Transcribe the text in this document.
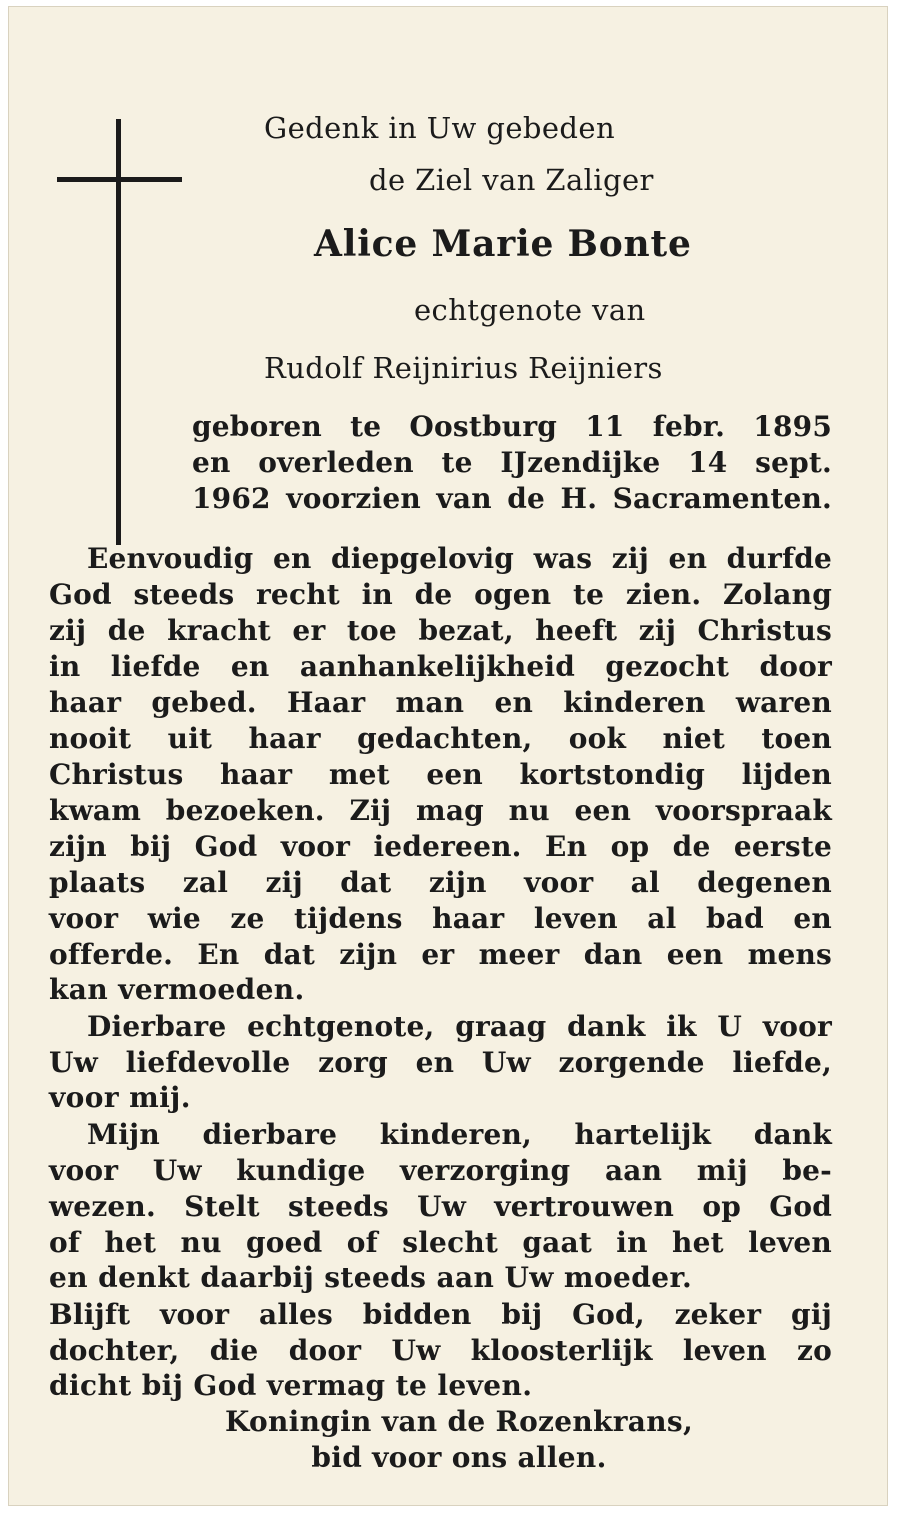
Gedenk in Uw gebeden
de Ziel van Zaliger
Alice Marie Bonte
echtgenote van
Rudolf Reijnirius Reijniers
geboren te Oostburg 11 febr. 1895
en overleden te IJzendijke 14 sept.
1962 voorzien van de H. Sacramenten.
Eenvoudig en diepgelovig was zij en durfde
God steeds recht in de ogen te zien. Zolang
zij de kracht er toe bezat, heeft zij Christus
in liefde en aanhankelijkheid gezocht door
haar gebed. Haar man en kinderen waren
nooit uit haar gedachten, ook niet toen
Christus haar met een kortstondig lijden
kwam bezoeken. Zij mag nu een voorspraak
zijn bij God voor iedereen. En op de eerste
plaats zal zij dat zijn voor al degenen
voor wie ze tijdens haar leven al bad en
offerde. En dat zijn er meer dan een mens
kan vermoeden.
Dierbare echtgenote, graag dank ik U voor
Uw liefdevolle zorg en Uw zorgende liefde,
voor mij.
Mijn dierbare kinderen, hartelijk dank
voor Uw kundige verzorging aan mij be-
wezen. Stelt steeds Uw vertrouwen op God
of het nu goed of slecht gaat in het leven
en denkt daarbij steeds aan Uw moeder.
Blijft voor alles bidden bij God, zeker gij
dochter, die door Uw kloosterlijk leven zo
dicht bij God vermag te leven.
Koningin van de Rozenkrans,
bid voor ons allen.
